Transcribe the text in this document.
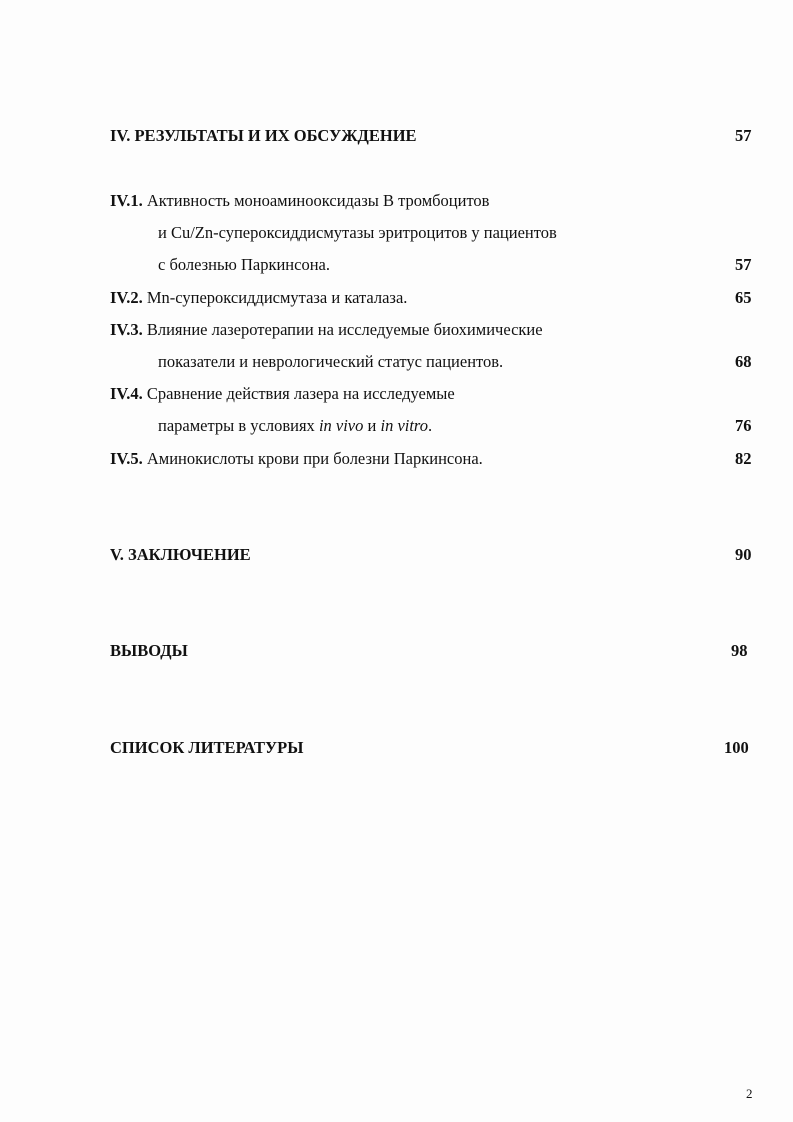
IV. РЕЗУЛЬТАТЫ И ИХ ОБСУЖДЕНИЕ	57
IV.1. Активность моноаминооксидазы В тромбоцитов
и Cu/Zn-супероксиддисмутазы эритроцитов у пациентов
с болезнью Паркинсона.	57
IV.2. Mn-супероксиддисмутаза и каталаза.	65
IV.3. Влияние лазеротерапии на исследуемые биохимические
показатели и неврологический статус пациентов.	68
IV.4. Сравнение действия лазера на исследуемые
параметры в условиях in vivo и in vitro.	76
IV.5. Аминокислоты крови при болезни Паркинсона.	82
V. ЗАКЛЮЧЕНИЕ	90
ВЫВОДЫ	98
СПИСОК ЛИТЕРАТУРЫ	100
2
